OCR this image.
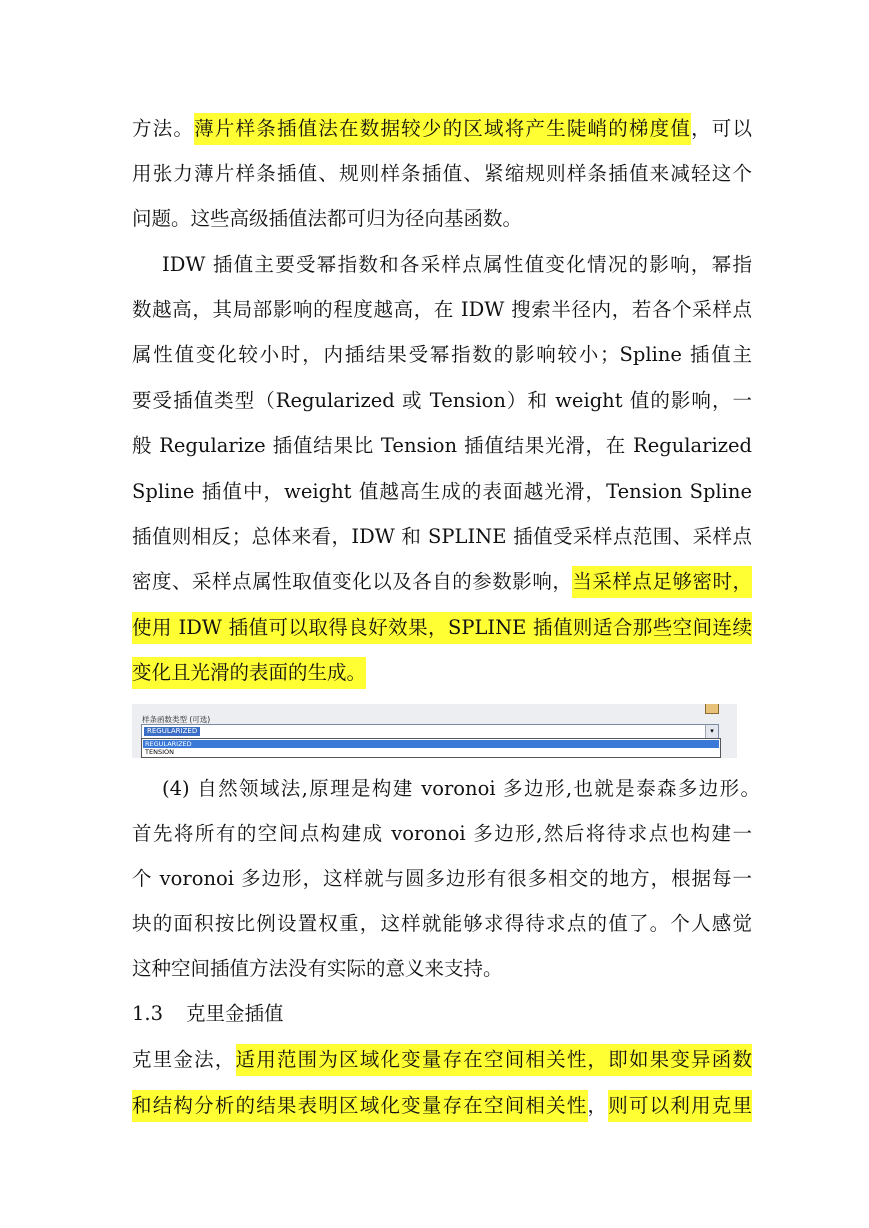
方法。薄片样条插值法在数据较少的区域将产生陡峭的梯度值，可以
用张力薄片样条插值、规则样条插值、紧缩规则样条插值来减轻这个
问题。这些高级插值法都可归为径向基函数。
IDW 插值主要受幂指数和各采样点属性值变化情况的影响，幂指
数越高，其局部影响的程度越高，在 IDW 搜索半径内，若各个采样点
属性值变化较小时，内插结果受幂指数的影响较小；Spline 插值主
要受插值类型（Regularized 或 Tension）和 weight 值的影响，一
般 Regularize 插值结果比 Tension 插值结果光滑，在 Regularized
Spline 插值中，weight 值越高生成的表面越光滑，Tension Spline
插值则相反；总体来看，IDW 和 SPLINE 插值受采样点范围、采样点
密度、采样点属性取值变化以及各自的参数影响，当采样点足够密时，
使用 IDW 插值可以取得良好效果，SPLINE 插值则适合那些空间连续
变化且光滑的表面的生成。
样条函数类型 (可选)
REGULARIZED	▾
REGULARIZED
TENSION
(4) 自然领域法,原理是构建 voronoi 多边形,也就是泰森多边形。
首先将所有的空间点构建成 voronoi 多边形,然后将待求点也构建一
个 voronoi 多边形，这样就与圆多边形有很多相交的地方，根据每一
块的面积按比例设置权重，这样就能够求得待求点的值了。个人感觉
这种空间插值方法没有实际的意义来支持。
1.3 克里金插值
克里金法，适用范围为区域化变量存在空间相关性，即如果变异函数
和结构分析的结果表明区域化变量存在空间相关性，则可以利用克里
